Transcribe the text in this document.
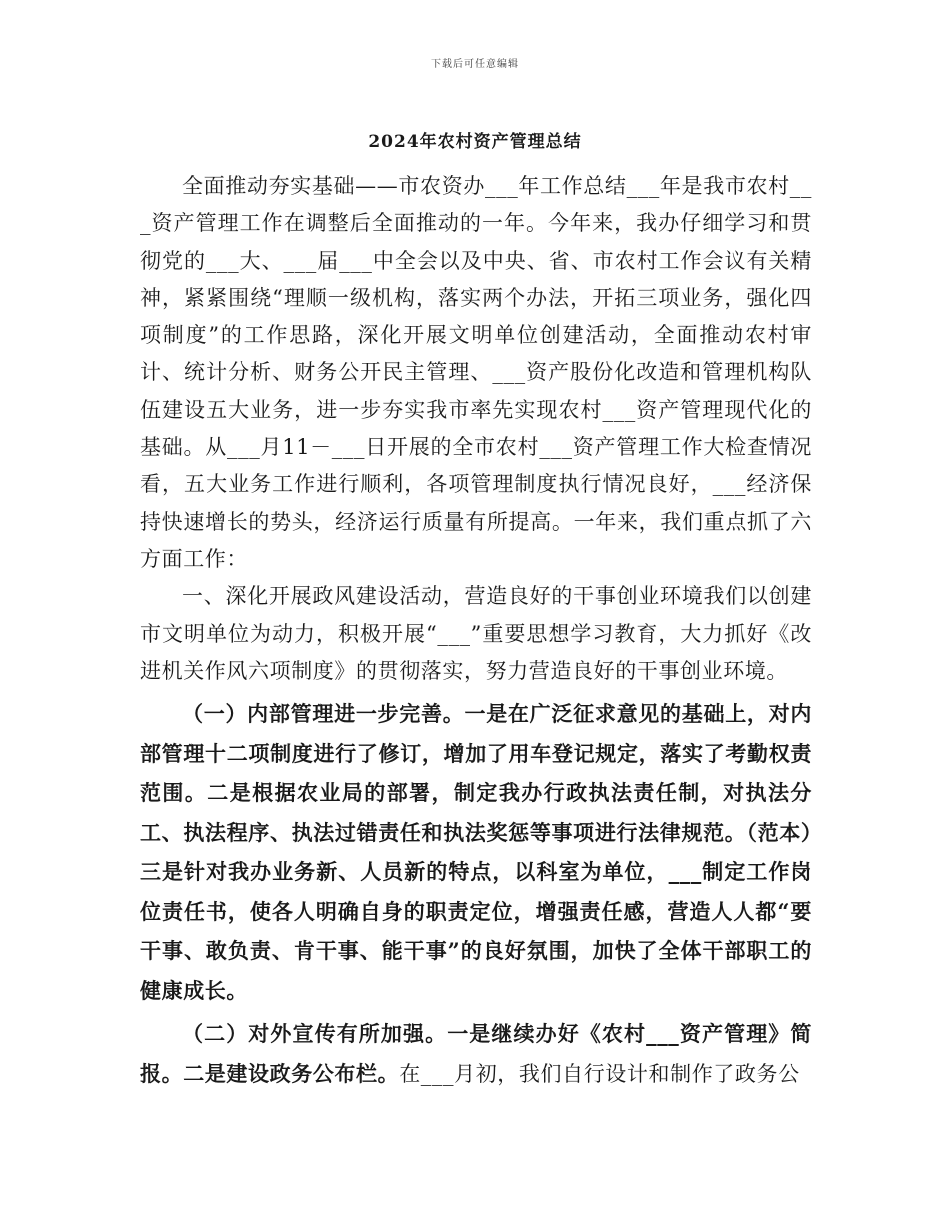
下载后可任意编辑
2024年农村资产管理总结

全面推动夯实基础——市农资办___年工作总结___年是我市农村___资产管理工作在调整后全面推动的一年。今年来，我办仔细学习和贯彻党的___大、___届___中全会以及中央、省、市农村工作会议有关精神，紧紧围绕“理顺一级机构，落实两个办法，开拓三项业务，强化四项制度”的工作思路，深化开展文明单位创建活动，全面推动农村审计、统计分析、财务公开民主管理、___资产股份化改造和管理机构队伍建设五大业务，进一步夯实我市率先实现农村___资产管理现代化的基础。从___月11－___日开展的全市农村___资产管理工作大检查情况看，五大业务工作进行顺利，各项管理制度执行情况良好，___经济保持快速增长的势头，经济运行质量有所提高。一年来，我们重点抓了六方面工作：

一、深化开展政风建设活动，营造良好的干事创业环境我们以创建市文明单位为动力，积极开展“___”重要思想学习教育，大力抓好《改进机关作风六项制度》的贯彻落实，努力营造良好的干事创业环境。

（一）内部管理进一步完善。一是在广泛征求意见的基础上，对内部管理十二项制度进行了修订，增加了用车登记规定，落实了考勤权责范围。二是根据农业局的部署，制定我办行政执法责任制，对执法分工、执法程序、执法过错责任和执法奖惩等事项进行法律规范。（范本）三是针对我办业务新、人员新的特点，以科室为单位，___制定工作岗位责任书，使各人明确自身的职责定位，增强责任感，营造人人都“要干事、敢负责、肯干事、能干事”的良好氛围，加快了全体干部职工的健康成长。

（二）对外宣传有所加强。一是继续办好《农村___资产管理》简报。二是建设政务公布栏。在___月初，我们自行设计和制作了政务公
